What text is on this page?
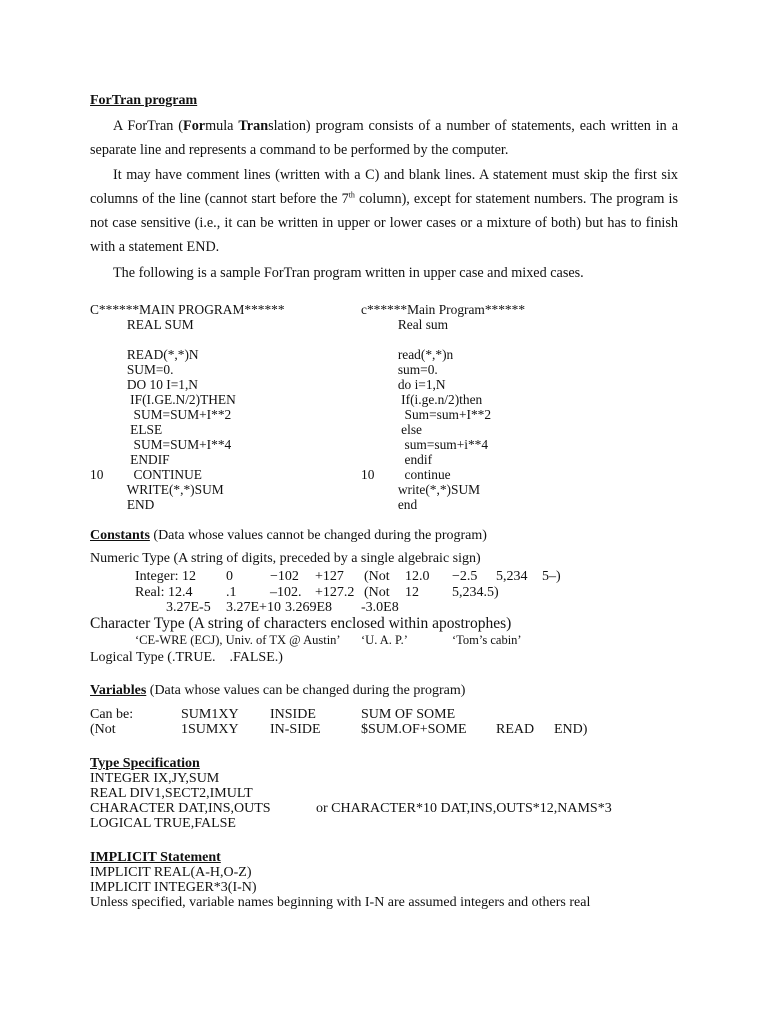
ForTran program
A ForTran (Formula Translation) program consists of a number of statements, each written in a separate line and represents a command to be performed by the computer.
It may have comment lines (written with a C) and blank lines. A statement must skip the first six columns of the line (cannot start before the 7th column), except for statement numbers. The program is not case sensitive (i.e., it can be written in upper or lower cases or a mixture of both) but has to finish with a statement END.
The following is a sample ForTran program written in upper case and mixed cases.
C******MAIN PROGRAM******
REAL SUM
READ(*,*)N
SUM=0.
DO 10 I=1,N
IF(I.GE.N/2)THEN
SUM=SUM+I**2
ELSE
SUM=SUM+I**4
ENDIF
10         CONTINUE
WRITE(*,*)SUM
END
c******Main Program******
Real sum
read(*,*)n
sum=0.
do i=1,N
If(i.ge.n/2)then
Sum=sum+I**2
else
sum=sum+i**4
endif
10         continue
write(*,*)SUM
end
Constants (Data whose values cannot be changed during the program)
Numeric Type (A string of digits, preceded by a single algebraic sign)
Integer: 12 0	−102 +127 (Not 12.0 −2.5 5,234 5–)
Real: 12.4 .1 –102. +127.2 (Not 12 5,234.5)
3.27E-5 3.27E+10 3.269E8 -3.0E8
Character Type (A string of characters enclosed within apostrophes)
‘CE-WRE (ECJ), Univ. of TX @ Austin’ ‘U. A. P.’	‘Tom’s cabin’
Logical Type (.TRUE.    .FALSE.)
Variables (Data whose values can be changed during the program)
Can be:	SUM1XY INSIDE	SUM OF SOME
(Not	1SUMXY IN-SIDE	$SUM.OF+SOME READ END)
Type Specification
INTEGER IX,JY,SUM
REAL DIV1,SECT2,IMULT
CHARACTER DAT,INS,OUTS
LOGICAL TRUE,FALSE
or CHARACTER*10 DAT,INS,OUTS*12,NAMS*3
IMPLICIT Statement
IMPLICIT REAL(A-H,O-Z)
IMPLICIT INTEGER*3(I-N)
Unless specified, variable names beginning with I-N are assumed integers and others real
